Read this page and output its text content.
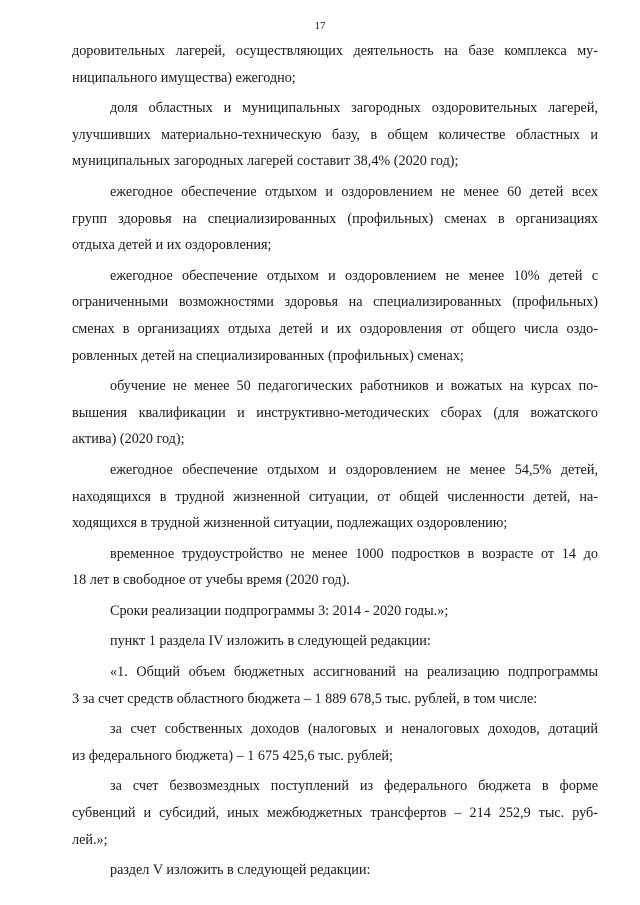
17
доровительных лагерей, осуществляющих деятельность на базе комплекса му-
ниципального имущества) ежегодно;
доля областных и муниципальных загородных оздоровительных лагерей,
улучшивших материально-техническую базу, в общем количестве областных и
муниципальных загородных лагерей составит 38,4% (2020 год);
ежегодное обеспечение отдыхом и оздоровлением не менее 60 детей всех
групп здоровья на специализированных (профильных) сменах в организациях
отдыха детей и их оздоровления;
ежегодное обеспечение отдыхом и оздоровлением не менее 10% детей с
ограниченными возможностями здоровья на специализированных (профильных)
сменах в организациях отдыха детей и их оздоровления от общего числа оздо-
ровленных детей на специализированных (профильных) сменах;
обучение не менее 50 педагогических работников и вожатых на курсах по-
вышения квалификации и инструктивно-методических сборах (для вожатского
актива) (2020 год);
ежегодное обеспечение отдыхом и оздоровлением не менее 54,5% детей,
находящихся в трудной жизненной ситуации, от общей численности детей, на-
ходящихся в трудной жизненной ситуации, подлежащих оздоровлению;
временное трудоустройство не менее 1000 подростков в возрасте от 14 до
18 лет в свободное от учебы время (2020 год).
Сроки реализации подпрограммы 3: 2014 - 2020 годы.»;
пункт 1 раздела IV изложить в следующей редакции:
«1. Общий объем бюджетных ассигнований на реализацию подпрограммы
3 за счет средств областного бюджета – 1 889 678,5 тыс. рублей, в том числе:
за счет собственных доходов (налоговых и неналоговых доходов, дотаций
из федерального бюджета) – 1 675 425,6 тыс. рублей;
за счет безвозмездных поступлений из федерального бюджета в форме
субвенций и субсидий, иных межбюджетных трансфертов – 214 252,9 тыс. руб-
лей.»;
раздел V изложить в следующей редакции:
